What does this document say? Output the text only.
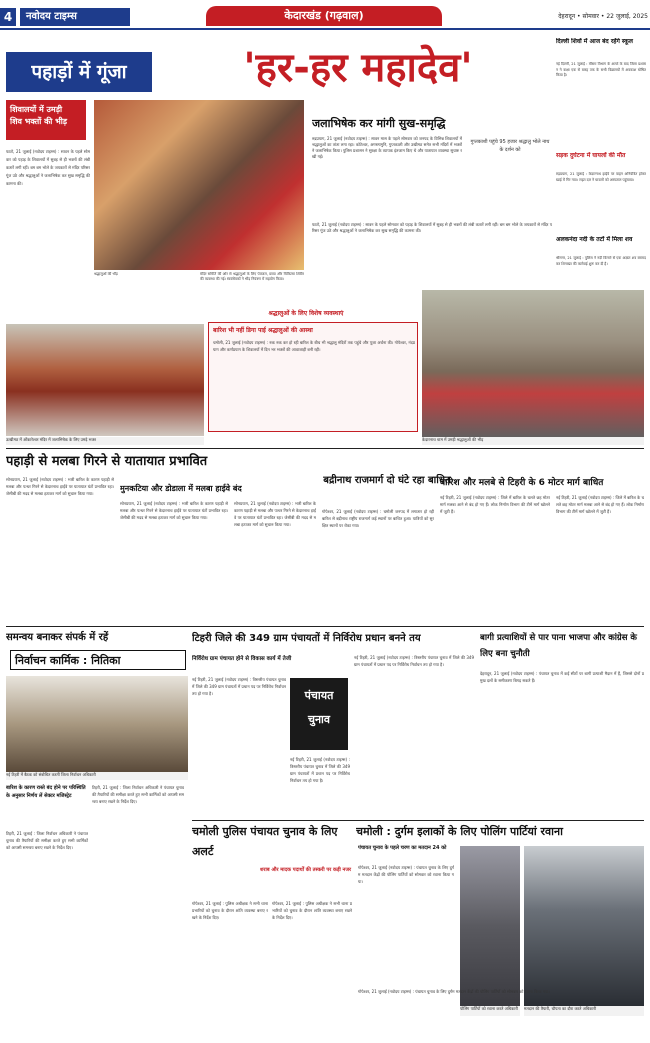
4	नवोदय टाइम्स	केदारखंड (गढ़वाल)	देहरादून • सोमवार • 22 जुलाई, 2025
पहाड़ों में गूंजा	'हर-हर महादेव'
शिवालयों में उमड़ी
शिव भक्तों की भीड़
फाटो, 21 जुलाई (नवोदय टाइम्स) : सावन के पहले सोमवार को पहाड़ के शिवालयों में सुबह से ही भक्तों की लंबी कतारें लगी रहीं। बम बम भोले के जयकारों से मंदिर परिसर गूंज उठे और श्रद्धालुओं ने जलाभिषेक कर सुख समृद्धि की कामना की।
श्रद्धालुओं की भीड़	मंदिर समिति की ओर से श्रद्धालुओं के लिए पेयजल, छाया और चिकित्सा शिविर की व्यवस्था की गई। स्वयंसेवकों ने भीड़ नियंत्रण में सहयोग किया।
श्रद्धालुओं के लिए विशेष व्यवस्थाएं
जलाभिषेक कर मांगी सुख-समृद्धि
रुद्रप्रयाग, 21 जुलाई (नवोदय टाइम्स) : सावन मास के पहले सोमवार को जनपद के विभिन्न शिवालयों में श्रद्धालुओं का तांता लगा रहा। कोटेश्वर, अगस्त्यमुनि, गुप्तकाशी और उखीमठ समेत सभी मंदिरों में भक्तों ने जलाभिषेक किया। पुलिस प्रशासन ने सुरक्षा के व्यापक इंतजाम किए थे और यातायात व्यवस्था सुचारु रखी गई।
गुप्तकाशी पहुंचे 95 हजार श्रद्धालु भोले नाथ के दर्शन को
फाटो, 21 जुलाई (नवोदय टाइम्स) : सावन के पहले सोमवार को पहाड़ के शिवालयों में सुबह से ही भक्तों की लंबी कतारें लगी रहीं। बम बम भोले के जयकारों से मंदिर परिसर गूंज उठे और श्रद्धालुओं ने जलाभिषेक कर सुख समृद्धि की कामना की।
बारिश भी नहीं डिगा पाई श्रद्धालुओं की आस्था
चमोली, 21 जुलाई (नवोदय टाइम्स) : रुक रुक कर हो रही बारिश के बीच भी श्रद्धालु मंदिरों तक पहुंचे और पूजा अर्चना की। गोपेश्वर, नंदप्रयाग और कर्णप्रयाग के शिवालयों में दिन भर भक्तों की आवाजाही बनी रही।
ऊखीमठ में ओंकारेश्वर मंदिर में जलाभिषेक के लिए उमड़े भक्त	केदारनाथ धाम में उमड़ी श्रद्धालुओं की भीड़
दिल्ली शिवों में आज बंद रहेंगे स्कूल
नई दिल्ली, 21 जुलाई : मौसम विभाग के अलर्ट के बाद जिला प्रशासन ने कक्षा एक से बारह तक के सभी विद्यालयों में अवकाश घोषित किया है।
सड़क दुर्घटना में घायलों की मौत
रुद्रप्रयाग, 21 जुलाई : केदारनाथ हाईवे पर वाहन अनियंत्रित होकर खाई में गिर गया। राहत दल ने घायलों को अस्पताल पहुंचाया।
अलकनंदा नदी के तटों में मिला शव
श्रीनगर, 21 जुलाई : पुलिस ने नदी किनारे से एक अज्ञात शव बरामद कर शिनाख्त की कार्रवाई शुरू कर दी है।
पहाड़ी से मलबा गिरने से यातायात प्रभावित
मुनकटिया और डोडाला में मलबा हाईवे बंद
सोनप्रयाग, 21 जुलाई (नवोदय टाइम्स) : भारी बारिश के कारण पहाड़ी से मलबा और पत्थर गिरने से केदारनाथ हाईवे पर यातायात घंटों प्रभावित रहा। जेसीबी की मदद से मलबा हटाकर मार्ग को सुचारु किया गया।
सोनप्रयाग, 21 जुलाई (नवोदय टाइम्स) : भारी बारिश के कारण पहाड़ी से मलबा और पत्थर गिरने से केदारनाथ हाईवे पर यातायात घंटों प्रभावित रहा। जेसीबी की मदद से मलबा हटाकर मार्ग को सुचारु किया गया।
सोनप्रयाग, 21 जुलाई (नवोदय टाइम्स) : भारी बारिश के कारण पहाड़ी से मलबा और पत्थर गिरने से केदारनाथ हाईवे पर यातायात घंटों प्रभावित रहा। जेसीबी की मदद से मलबा हटाकर मार्ग को सुचारु किया गया।
बद्रीनाथ राजमार्ग दो घंटे रहा बाधित
गोपेश्वर, 21 जुलाई (नवोदय टाइम्स) : चमोली जनपद में लगातार हो रही बारिश से बद्रीनाथ राष्ट्रीय राजमार्ग कई स्थानों पर बाधित हुआ। यात्रियों को सुरक्षित स्थानों पर रोका गया।
बारिश और मलबे से टिहरी के 6 मोटर मार्ग बाधित
नई टिहरी, 21 जुलाई (नवोदय टाइम्स) : जिले में बारिश के चलते छह मोटर मार्ग मलबा आने से बंद हो गए हैं। लोक निर्माण विभाग की टीमें मार्ग खोलने में जुटी हैं।
नई टिहरी, 21 जुलाई (नवोदय टाइम्स) : जिले में बारिश के चलते छह मोटर मार्ग मलबा आने से बंद हो गए हैं। लोक निर्माण विभाग की टीमें मार्ग खोलने में जुटी हैं।
समन्वय बनाकर संपर्क में रहें
निर्वाचन कार्मिक : नितिका
नई टिहरी में बैठक को संबोधित करतीं जिला निर्वाचन अधिकारी
बारिश के कारण रास्ते बंद होने पर परिस्थिति के अनुसार निर्णय लें सेक्टर मजिस्ट्रेट
टिहरी, 21 जुलाई : जिला निर्वाचन अधिकारी ने पंचायत चुनाव की तैयारियों की समीक्षा करते हुए सभी कार्मिकों को आपसी समन्वय बनाए रखने के निर्देश दिए।
टिहरी, 21 जुलाई : जिला निर्वाचन अधिकारी ने पंचायत चुनाव की तैयारियों की समीक्षा करते हुए सभी कार्मिकों को आपसी समन्वय बनाए रखने के निर्देश दिए।
टिहरी जिले की 349 ग्राम पंचायतों में निर्विरोध प्रधान बनने तय
निर्विरोध ग्राम पंचायत होने से विकास कार्य में तेजी
नई टिहरी, 21 जुलाई (नवोदय टाइम्स) : त्रिस्तरीय पंचायत चुनाव में जिले की 349 ग्राम पंचायतों में प्रधान पद पर निर्विरोध निर्वाचन तय हो गया है।	पंचायत
चुनाव
नई टिहरी, 21 जुलाई (नवोदय टाइम्स) : त्रिस्तरीय पंचायत चुनाव में जिले की 349 ग्राम पंचायतों में प्रधान पद पर निर्विरोध निर्वाचन तय हो गया है।
नई टिहरी, 21 जुलाई (नवोदय टाइम्स) : त्रिस्तरीय पंचायत चुनाव में जिले की 349 ग्राम पंचायतों में प्रधान पद पर निर्विरोध निर्वाचन तय हो गया है।
बागी प्रत्याशियों से पार पाना भाजपा और कांग्रेस के लिए बना चुनौती
देहरादून, 21 जुलाई (नवोदय टाइम्स) : पंचायत चुनाव में कई सीटों पर बागी प्रत्याशी मैदान में हैं, जिससे दोनों प्रमुख दलों के समीकरण बिगड़ सकते हैं।
चमोली पुलिस पंचायत चुनाव के लिए अलर्ट
शराब और मादक पदार्थों की तस्करी पर कड़ी नजर
गोपेश्वर, 21 जुलाई : पुलिस अधीक्षक ने सभी थाना प्रभारियों को चुनाव के दौरान शांति व्यवस्था बनाए रखने के निर्देश दिए।
गोपेश्वर, 21 जुलाई : पुलिस अधीक्षक ने सभी थाना प्रभारियों को चुनाव के दौरान शांति व्यवस्था बनाए रखने के निर्देश दिए।
चमोली : दुर्गम इलाकों के लिए पोलिंग पार्टियां रवाना
पंचायत चुनाव के पहले चरण का मतदान 24 को
गोपेश्वर, 21 जुलाई (नवोदय टाइम्स) : पंचायत चुनाव के लिए दुर्गम मतदान केंद्रों की पोलिंग पार्टियों को सोमवार को रवाना किया गया।
पोलिंग पार्टियों को रवाना करते अधिकारी	मतदान की तैयारी, चौपता का दौरा करते अधिकारी
गोपेश्वर, 21 जुलाई (नवोदय टाइम्स) : पंचायत चुनाव के लिए दुर्गम मतदान केंद्रों की पोलिंग पार्टियों को सोमवार को रवाना किया गया।
